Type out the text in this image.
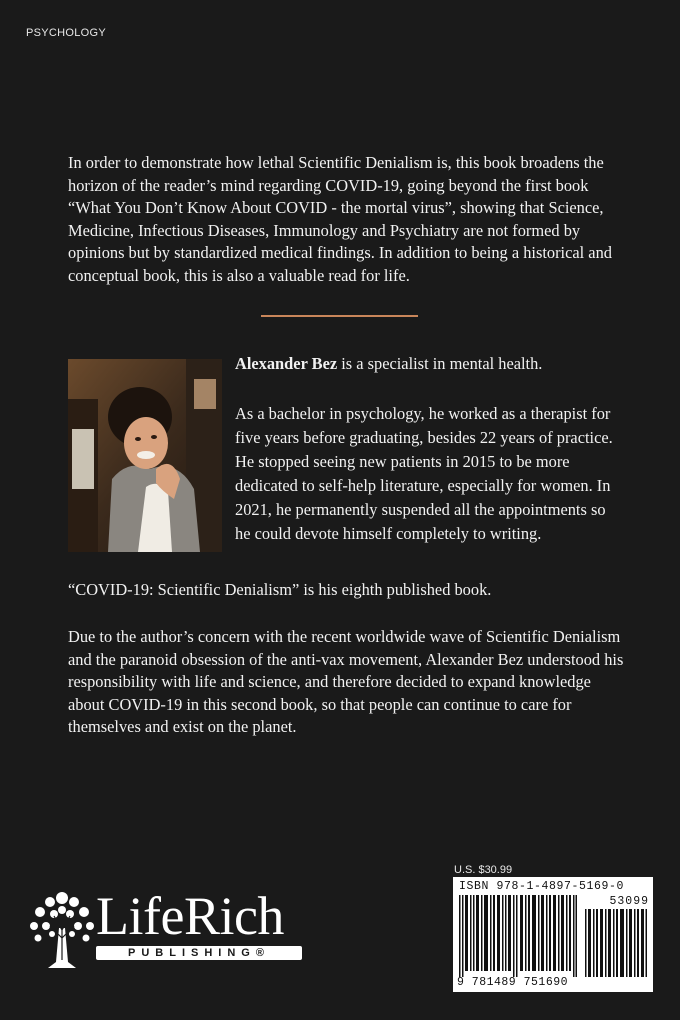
PSYCHOLOGY

In order to demonstrate how lethal Scientific Denialism is, this book broadens the horizon of the reader’s mind regarding COVID-19, going beyond the first book “What You Don’t Know About COVID - the mortal virus”, showing that Science, Medicine, Infectious Diseases, Immunology and Psychiatry are not formed by opinions but by standardized medical findings. In addition to being a historical and conceptual book, this is also a valuable read for life.

Alexander Bez is a specialist in mental health.

As a bachelor in psychology, he worked as a therapist for five years before graduating, besides 22 years of practice. He stopped seeing new patients in 2015 to be more dedicated to self-help literature, especially for women. In 2021, he permanently suspended all the appointments so he could devote himself completely to writing.

“COVID-19: Scientific Denialism” is his eighth published book.

Due to the author’s concern with the recent worldwide wave of Scientific Denialism and the paranoid obsession of the anti-vax movement, Alexander Bez understood his responsibility with life and science, and therefore decided to expand knowledge about COVID-19 in this second book, so that people can continue to care for themselves and exist on the planet.

LifeRich
PUBLISHING®
U.S. $30.99
ISBN 978-1-4897-5169-0
53099
9 781489 751690
